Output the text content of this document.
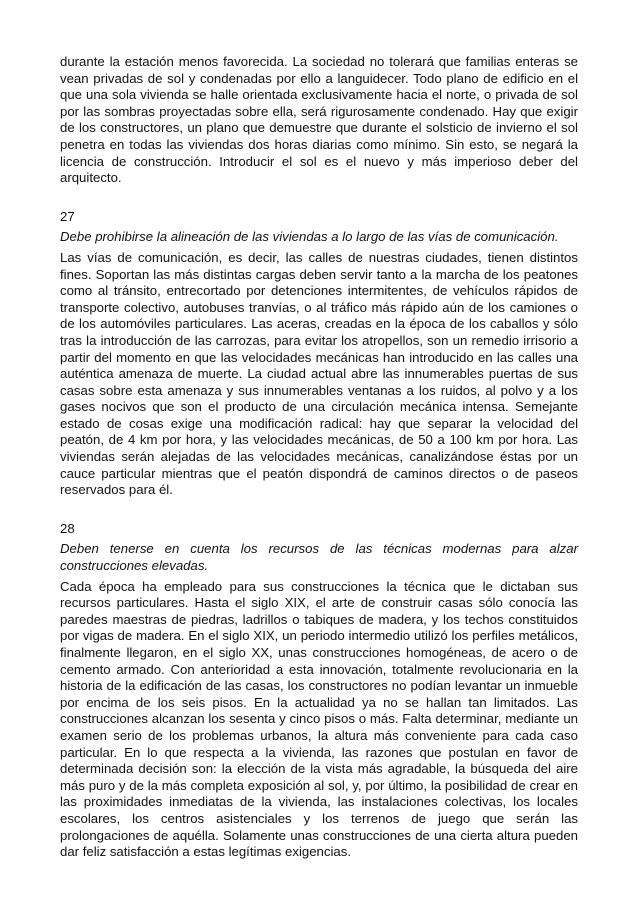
durante la estación menos favorecida. La sociedad no tolerará que familias enteras se vean privadas de sol y condenadas por ello a languidecer. Todo plano de edificio en el que una sola vivienda se halle orientada exclusivamente hacia el norte, o privada de sol por las sombras proyectadas sobre ella, será rigurosamente condenado. Hay que exigir de los constructores, un plano que demuestre que durante el solsticio de invierno el sol penetra en todas las viviendas dos horas diarias como mínimo. Sin esto, se negará la licencia de construcción. Introducir el sol es el nuevo y más imperioso deber del arquitecto.

27

Debe prohibirse la alineación de las viviendas a lo largo de las vías de comunicación.

Las vías de comunicación, es decir, las calles de nuestras ciudades, tienen distintos fines. Soportan las más distintas cargas deben servir tanto a la marcha de los peatones como al tránsito, entrecortado por detenciones intermitentes, de vehículos rápidos de transporte colectivo, autobuses tranvías, o al tráfico más rápido aún de los camiones o de los automóviles particulares. Las aceras, creadas en la época de los caballos y sólo tras la introducción de las carrozas, para evitar los atropellos, son un remedio irrisorio a partir del momento en que las velocidades mecánicas han introducido en las calles una auténtica amenaza de muerte. La ciudad actual abre las innumerables puertas de sus casas sobre esta amenaza y sus innumerables ventanas a los ruidos, al polvo y a los gases nocivos que son el producto de una circulación mecánica intensa. Semejante estado de cosas exige una modificación radical: hay que separar la velocidad del peatón, de 4 km por hora, y las velocidades mecánicas, de 50 a 100 km por hora. Las viviendas serán alejadas de las velocidades mecánicas, canalizándose éstas por un cauce particular mientras que el peatón dispondrá de caminos directos o de paseos reservados para él.

28

Deben tenerse en cuenta los recursos de las técnicas modernas para alzar construcciones elevadas.

Cada época ha empleado para sus construcciones la técnica que le dictaban sus recursos particulares. Hasta el siglo XIX, el arte de construir casas sólo conocía las paredes maestras de piedras, ladrillos o tabiques de madera, y los techos constituidos por vigas de madera. En el siglo XIX, un periodo intermedio utilizó los perfiles metálicos, finalmente llegaron, en el siglo XX, unas construcciones homogéneas, de acero o de cemento armado. Con anterioridad a esta innovación, totalmente revolucionaria en la historia de la edificación de las casas, los constructores no podían levantar un inmueble por encima de los seis pisos. En la actualidad ya no se hallan tan limitados. Las construcciones alcanzan los sesenta y cinco pisos o más. Falta determinar, mediante un examen serio de los problemas urbanos, la altura más conveniente para cada caso particular. En lo que respecta a la vivienda, las razones que postulan en favor de determinada decisión son: la elección de la vista más agradable, la búsqueda del aire más puro y de la más completa exposición al sol, y, por último, la posibilidad de crear en las proximidades inmediatas de la vivienda, las instalaciones colectivas, los locales escolares, los centros asistenciales y los terrenos de juego que serán las prolongaciones de aquélla. Solamente unas construcciones de una cierta altura pueden dar feliz satisfacción a estas legítimas exigencias.
